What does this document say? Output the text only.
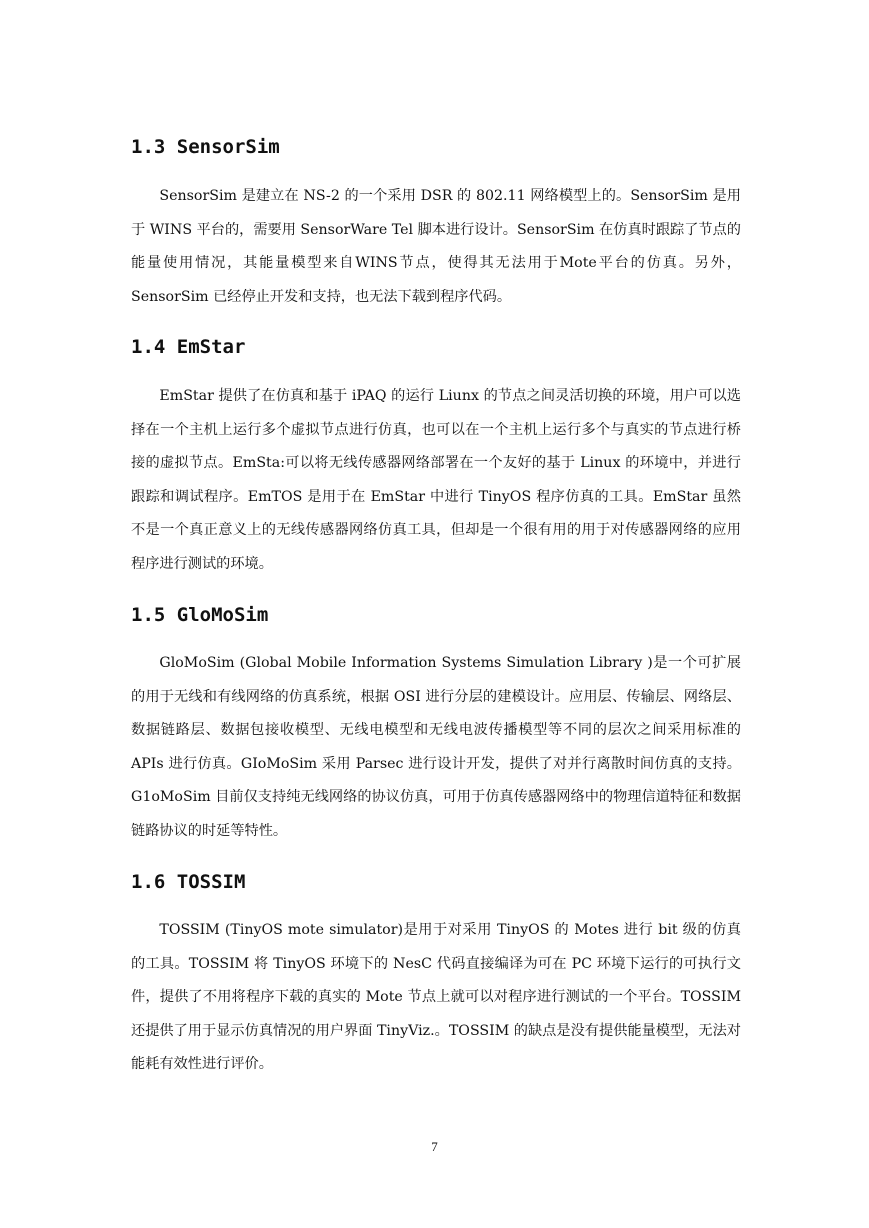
1.3 SensorSim
SensorSim 是建立在 NS-2 的一个采用 DSR 的 802.11 网络模型上的。SensorSim 是用于 WINS 平台的，需要用 SensorWare Tel 脚本进行设计。SensorSim 在仿真时跟踪了节点的能量使用情况，其能量模型来自WINS节点，使得其无法用于Mote平台的仿真。另外，SensorSim 已经停止开发和支持，也无法下载到程序代码。
1.4 EmStar
EmStar 提供了在仿真和基于 iPAQ 的运行 Liunx 的节点之间灵活切换的环境，用户可以选择在一个主机上运行多个虚拟节点进行仿真，也可以在一个主机上运行多个与真实的节点进行桥接的虚拟节点。EmSta:可以将无线传感器网络部署在一个友好的基于 Linux 的环境中，并进行跟踪和调试程序。EmTOS 是用于在 EmStar 中进行 TinyOS 程序仿真的工具。EmStar 虽然不是一个真正意义上的无线传感器网络仿真工具，但却是一个很有用的用于对传感器网络的应用程序进行测试的环境。
1.5 GloMoSim
GloMoSim (Global Mobile Information Systems Simulation Library )是一个可扩展的用于无线和有线网络的仿真系统，根据 OSI 进行分层的建模设计。应用层、传输层、网络层、数据链路层、数据包接收模型、无线电模型和无线电波传播模型等不同的层次之间采用标准的 APIs 进行仿真。GIoMoSim 采用 Parsec 进行设计开发，提供了对并行离散时间仿真的支持。G1oMoSim 目前仅支持纯无线网络的协议仿真，可用于仿真传感器网络中的物理信道特征和数据链路协议的时延等特性。
1.6 TOSSIM
TOSSIM (TinyOS mote simulator)是用于对采用 TinyOS 的 Motes 进行 bit 级的仿真的工具。TOSSIM 将 TinyOS 环境下的 NesC 代码直接编译为可在 PC 环境下运行的可执行文件，提供了不用将程序下载的真实的 Mote 节点上就可以对程序进行测试的一个平台。TOSSIM 还提供了用于显示仿真情况的用户界面 TinyViz.。TOSSIM 的缺点是没有提供能量模型，无法对能耗有效性进行评价。
7
